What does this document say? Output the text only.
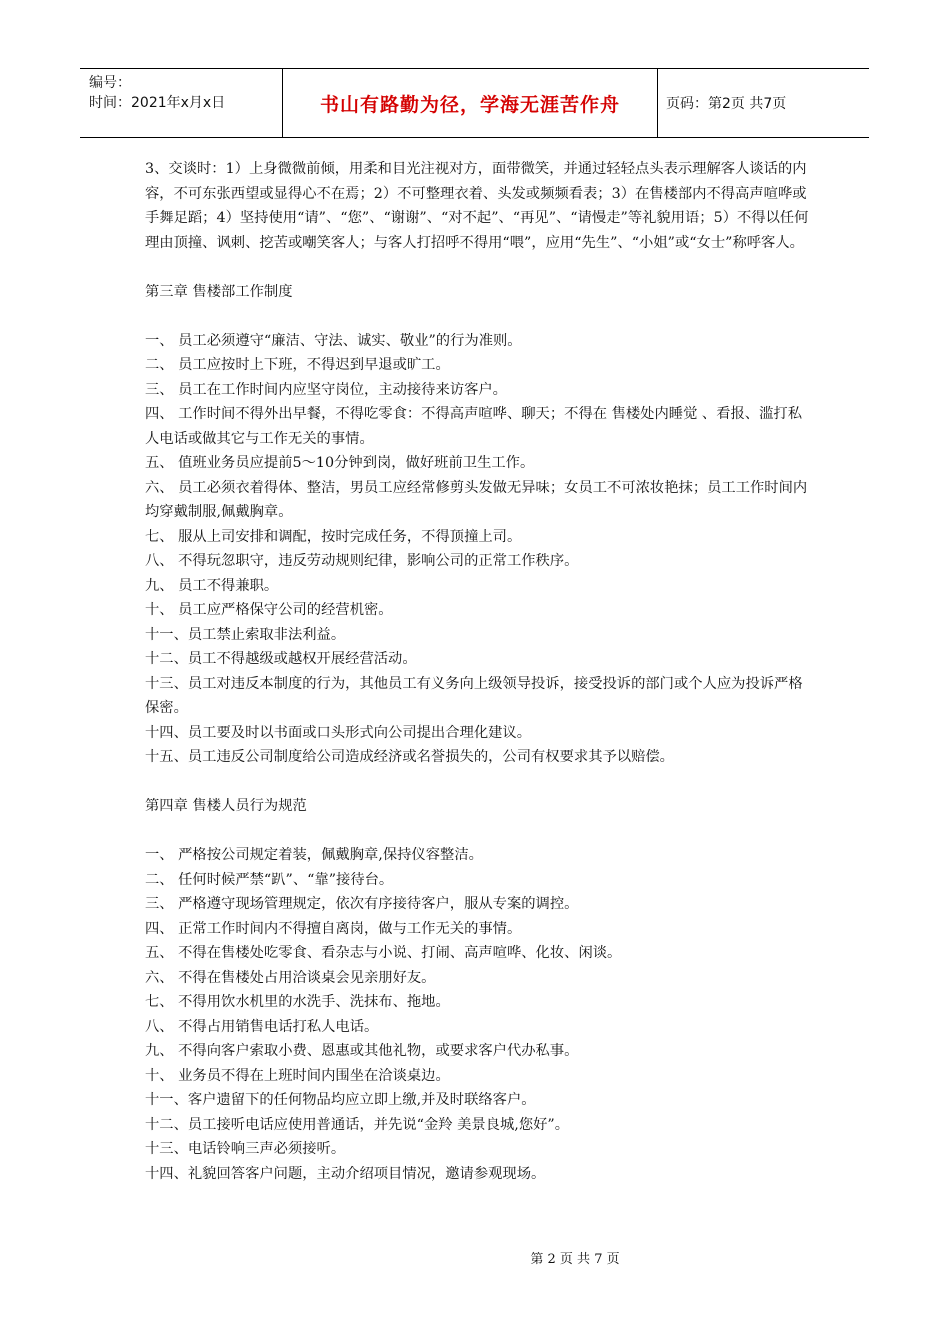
编号：
时间：2021年x月x日	书山有路勤为径，学海无涯苦作舟	页码：第2页 共7页

3、交谈时：1）上身微微前倾，用柔和目光注视对方，面带微笑，并通过轻轻点头表示理解客人谈话的内容，不可东张西望或显得心不在焉；2）不可整理衣着、头发或频频看表；3）在售楼部内不得高声喧哗或手舞足蹈；4）坚持使用“请”、“您”、“谢谢”、“对不起”、“再见”、“请慢走”等礼貌用语；5）不得以任何理由顶撞、讽刺、挖苦或嘲笑客人；与客人打招呼不得用“喂”，应用“先生”、“小姐”或“女士”称呼客人。

第三章 售楼部工作制度

一、 员工必须遵守“廉洁、守法、诚实、敬业”的行为准则。

二、 员工应按时上下班，不得迟到早退或旷工。

三、 员工在工作时间内应坚守岗位，主动接待来访客户。

四、 工作时间不得外出早餐，不得吃零食：不得高声喧哗、聊天；不得在 售楼处内睡觉 、看报、滥打私人电话或做其它与工作无关的事情。

五、 值班业务员应提前5～10分钟到岗，做好班前卫生工作。

六、 员工必须衣着得体、整洁，男员工应经常修剪头发做无异味；女员工不可浓妆艳抹；员工工作时间内均穿戴制服,佩戴胸章。

七、 服从上司安排和调配，按时完成任务，不得顶撞上司。

八、 不得玩忽职守，违反劳动规则纪律，影响公司的正常工作秩序。

九、 员工不得兼职。

十、 员工应严格保守公司的经营机密。

十一、员工禁止索取非法利益。

十二、员工不得越级或越权开展经营活动。

十三、员工对违反本制度的行为，其他员工有义务向上级领导投诉，接受投诉的部门或个人应为投诉严格保密。

十四、员工要及时以书面或口头形式向公司提出合理化建议。

十五、员工违反公司制度给公司造成经济或名誉损失的，公司有权要求其予以赔偿。

第四章 售楼人员行为规范

一、 严格按公司规定着装，佩戴胸章,保持仪容整洁。

二、 任何时候严禁“趴”、“靠”接待台。

三、 严格遵守现场管理规定，依次有序接待客户，服从专案的调控。

四、 正常工作时间内不得擅自离岗，做与工作无关的事情。

五、 不得在售楼处吃零食、看杂志与小说、打闹、高声喧哗、化妆、闲谈。

六、 不得在售楼处占用洽谈桌会见亲朋好友。

七、 不得用饮水机里的水洗手、洗抹布、拖地。

八、 不得占用销售电话打私人电话。

九、 不得向客户索取小费、恩惠或其他礼物，或要求客户代办私事。

十、 业务员不得在上班时间内围坐在洽谈桌边。

十一、客户遗留下的任何物品均应立即上缴,并及时联络客户。

十二、员工接听电话应使用普通话，并先说“金羚 美景良城,您好”。

十三、电话铃响三声必须接听。

十四、礼貌回答客户问题，主动介绍项目情况，邀请参观现场。

第 2 页 共 7 页
